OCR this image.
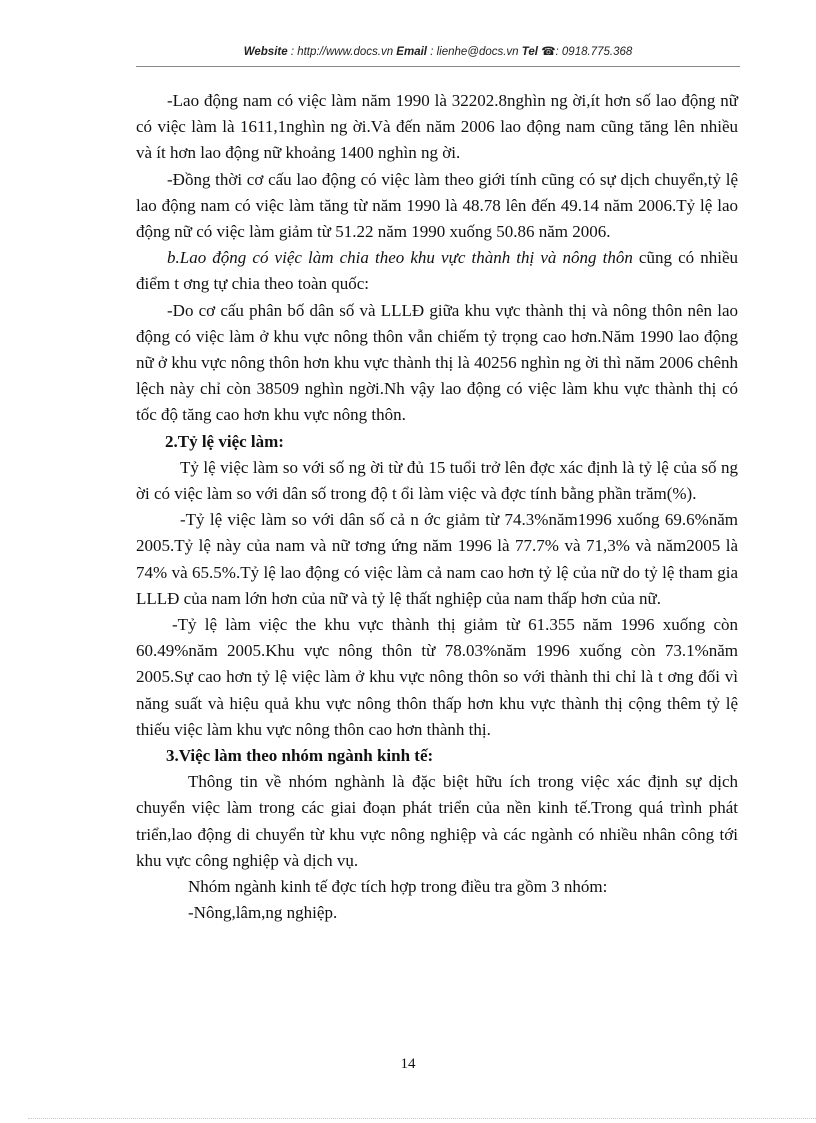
Website : http://www.docs.vn Email : lienhe@docs.vn Tel ☎: 0918.775.368

-Lao động nam có việc làm năm 1990 là 32202.8nghìn ng ời,ít hơn số lao động nữ có việc làm là 1611,1nghìn ng ời.Và đến năm 2006 lao động nam cũng tăng lên nhiều và ít hơn lao động nữ khoảng 1400 nghìn ng ời.

-Đồng thời cơ cấu lao động có việc làm theo giới tính cũng có sự dịch chuyển,tỷ lệ lao động nam có việc làm tăng từ năm 1990 là 48.78 lên đến 49.14 năm 2006.Tỷ lệ lao động nữ có việc làm giảm từ 51.22 năm 1990 xuống 50.86 năm 2006.

b.Lao động có việc làm chia theo khu vực thành thị và nông thôn cũng có nhiều điểm t ơng tự chia theo toàn quốc:

-Do cơ cấu phân bố dân số và LLLĐ giữa khu vực thành thị và nông thôn nên lao động có việc làm ở khu vực nông thôn vẫn chiếm tỷ trọng cao hơn.Năm 1990 lao động nữ ở khu vực nông thôn hơn khu vực thành thị là 40256 nghìn ng ời thì năm 2006 chênh lệch này chỉ còn 38509 nghìn ngời.Nh vậy lao động có việc làm khu vực thành thị có tốc độ tăng cao hơn khu vực nông thôn.

2.Tỷ lệ việc làm:

Tỷ lệ việc làm so với số ng ời từ đủ 15 tuổi trở lên đợc xác định là tỷ lệ của số ng ời có việc làm so với dân số trong độ t ổi làm việc và đợc tính bằng phần trăm(%).

-Tỷ lệ việc làm so với dân số cả n ớc giảm từ 74.3%năm1996 xuống 69.6%năm 2005.Tỷ lệ này của nam và nữ tơng ứng năm 1996 là 77.7% và 71,3% và năm2005 là 74% và 65.5%.Tỷ lệ lao động có việc làm cả nam cao hơn tỷ lệ của nữ do tỷ lệ tham gia LLLĐ của nam lớn hơn của nữ và tỷ lệ thất nghiệp của nam thấp hơn của nữ.

-Tỷ lệ làm việc the khu vực thành thị giảm từ 61.355 năm 1996 xuống còn 60.49%năm 2005.Khu vực nông thôn từ 78.03%năm 1996 xuống còn 73.1%năm 2005.Sự cao hơn tỷ lệ việc làm ở khu vực nông thôn so với thành thi chỉ là t ơng đối vì năng suất và hiệu quả khu vực nông thôn thấp hơn khu vực thành thị cộng thêm tỷ lệ thiếu việc làm khu vực nông thôn cao hơn thành thị.

3.Việc làm theo nhóm ngành kinh tế:

Thông tin về nhóm nghành là đặc biệt hữu ích trong việc xác định sự dịch chuyển việc làm trong các giai đoạn phát triển của nền kinh tế.Trong quá trình phát triển,lao động di chuyển từ khu vực nông nghiệp và các ngành có nhiều nhân công tới khu vực công nghiệp và dịch vụ.

Nhóm ngành kinh tế đợc tích hợp trong điều tra gồm 3 nhóm:

-Nông,lâm,ng nghiệp.

14
